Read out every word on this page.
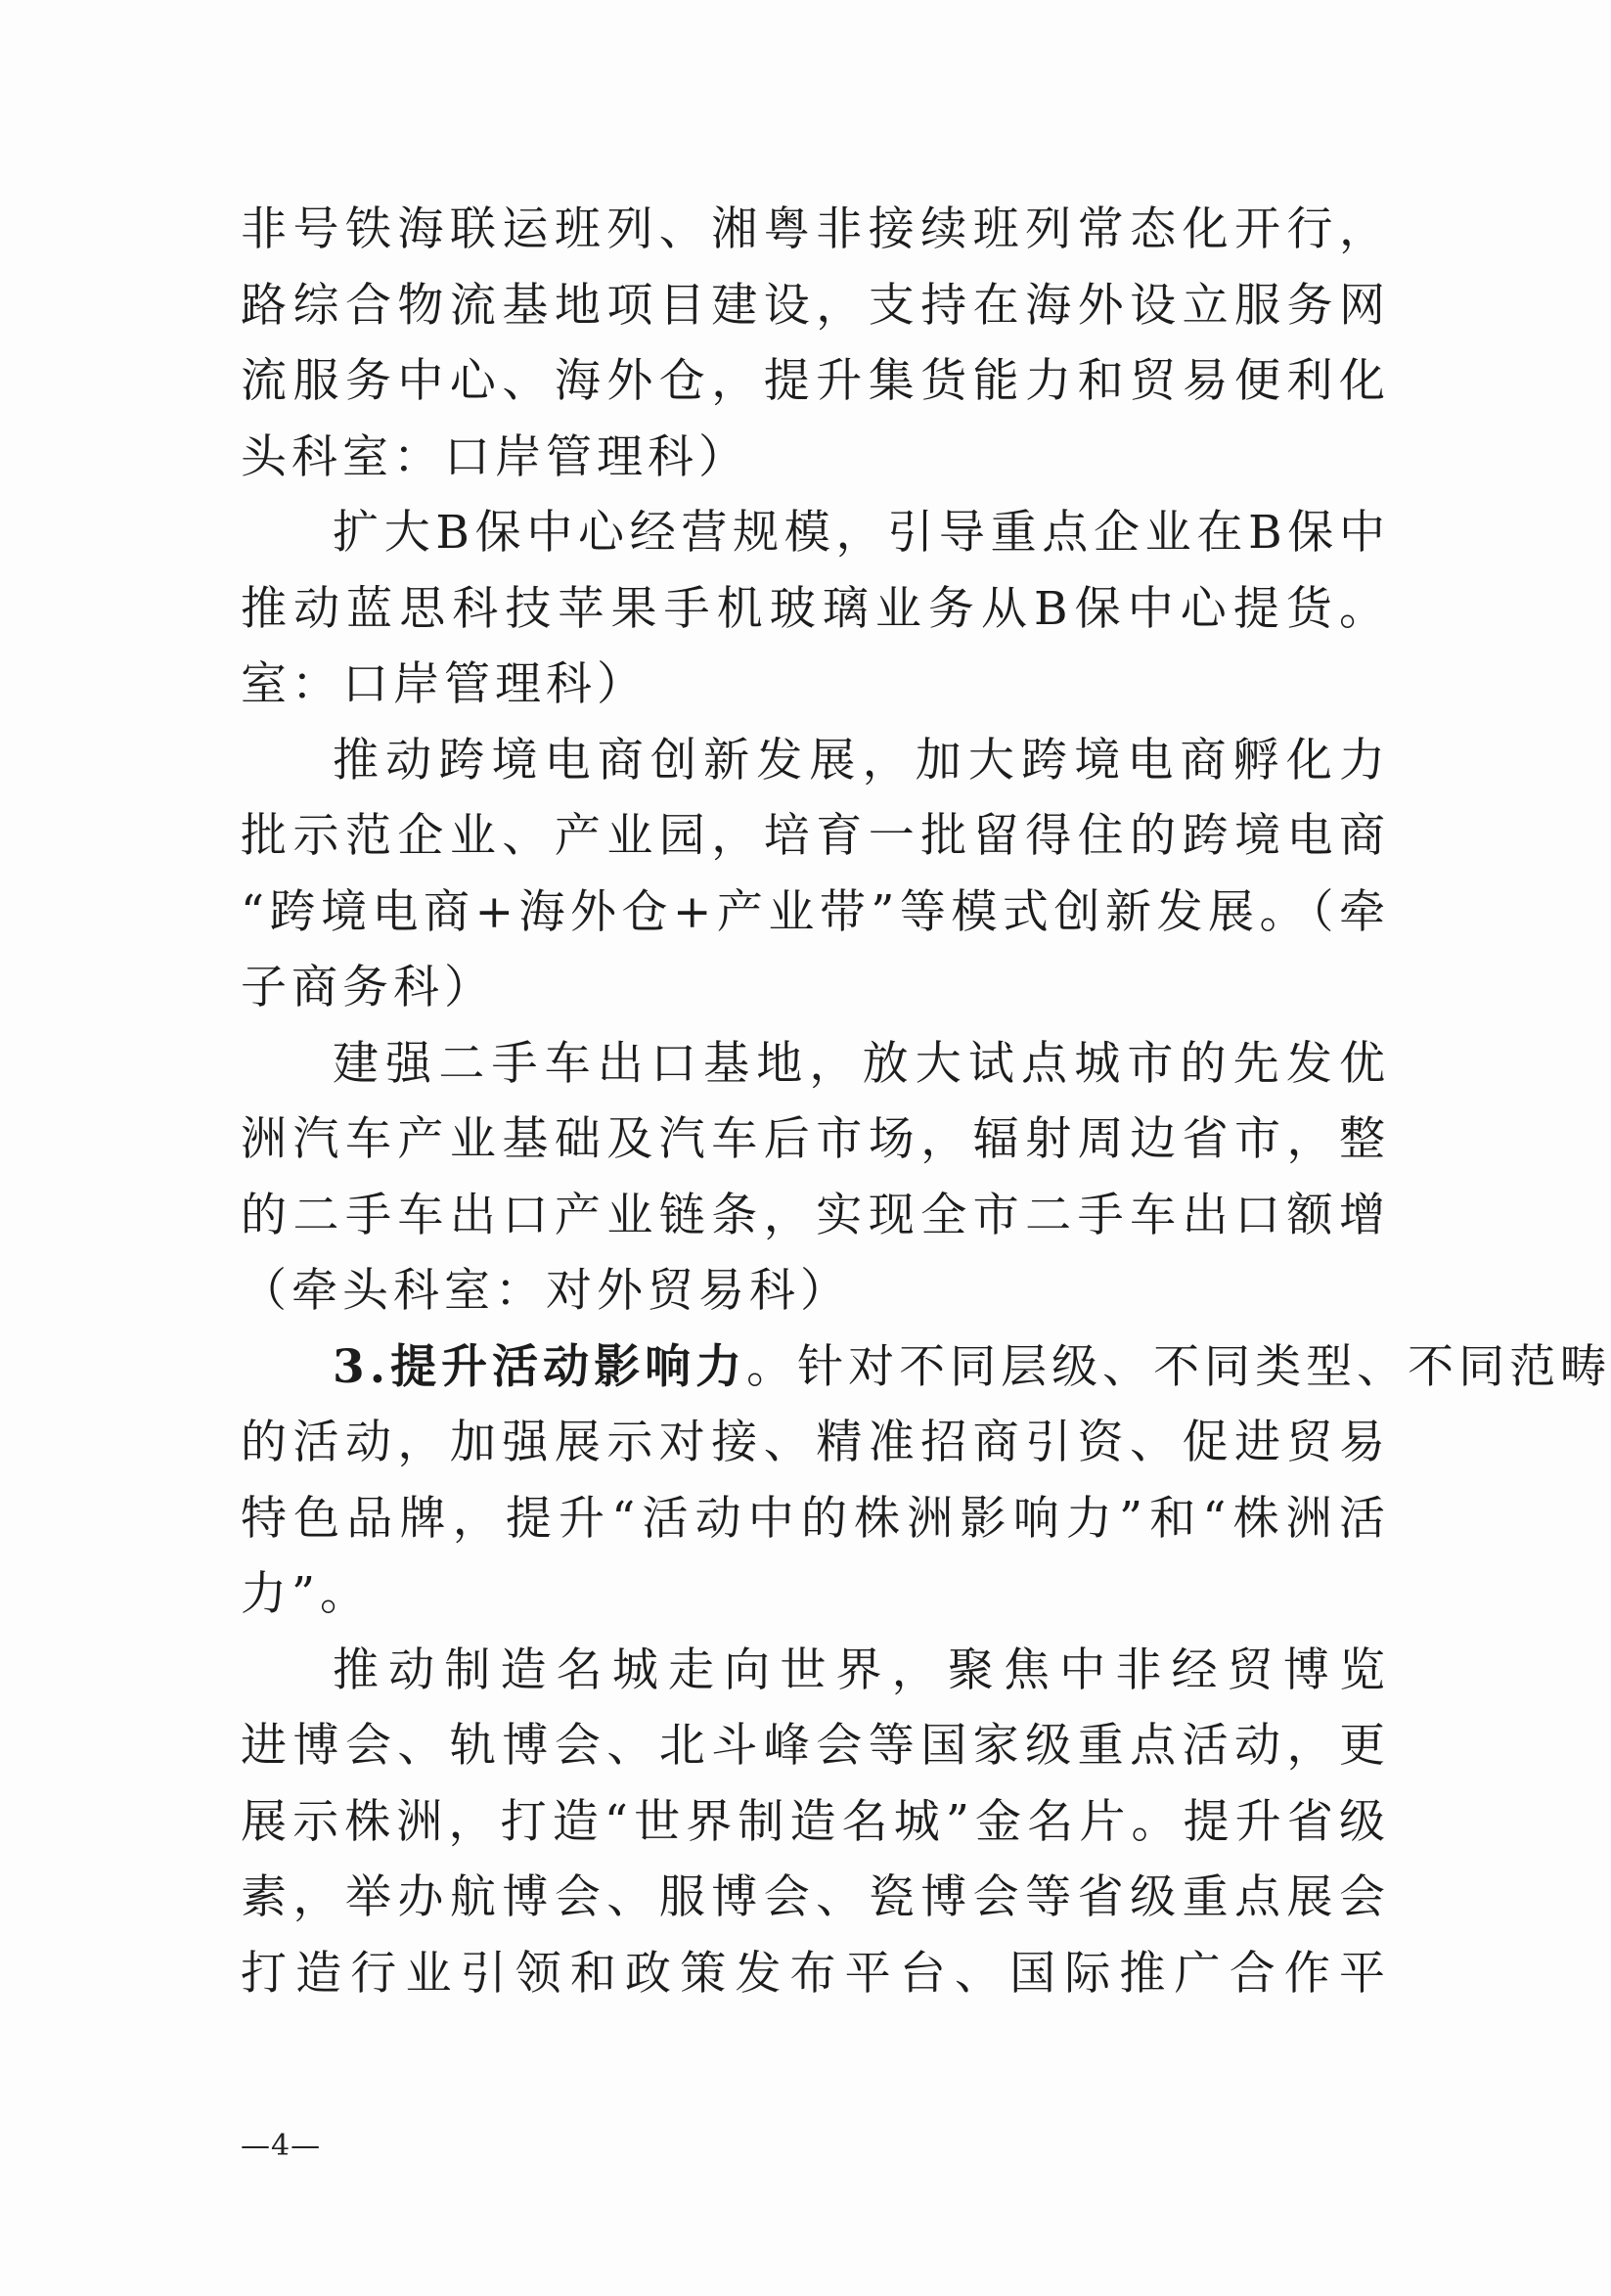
非号铁海联运班列、湘粤非接续班列常态化开行，
路综合物流基地项目建设，支持在海外设立服务网
流服务中心、海外仓，提升集货能力和贸易便利化
头科室：口岸管理科）
扩大B保中心经营规模，引导重点企业在B保中
推动蓝思科技苹果手机玻璃业务从B保中心提货。
室：口岸管理科）
推动跨境电商创新发展，加大跨境电商孵化力
批示范企业、产业园，培育一批留得住的跨境电商
“跨境电商+海外仓+产业带”等模式创新发展。（牵
子商务科）
建强二手车出口基地，放大试点城市的先发优
洲汽车产业基础及汽车后市场，辐射周边省市，整
的二手车出口产业链条，实现全市二手车出口额增
（牵头科室：对外贸易科）
3.提升活动影响力。针对不同层级、不同类型、不同范畴
的活动，加强展示对接、精准招商引资、促进贸易
特色品牌，提升“活动中的株洲影响力”和“株洲活
力”。
推动制造名城走向世界，聚焦中非经贸博览
进博会、轨博会、北斗峰会等国家级重点活动，更
展示株洲，打造“世界制造名城”金名片。提升省级
素，举办航博会、服博会、瓷博会等省级重点展会
打造行业引领和政策发布平台、国际推广合作平
—4—
